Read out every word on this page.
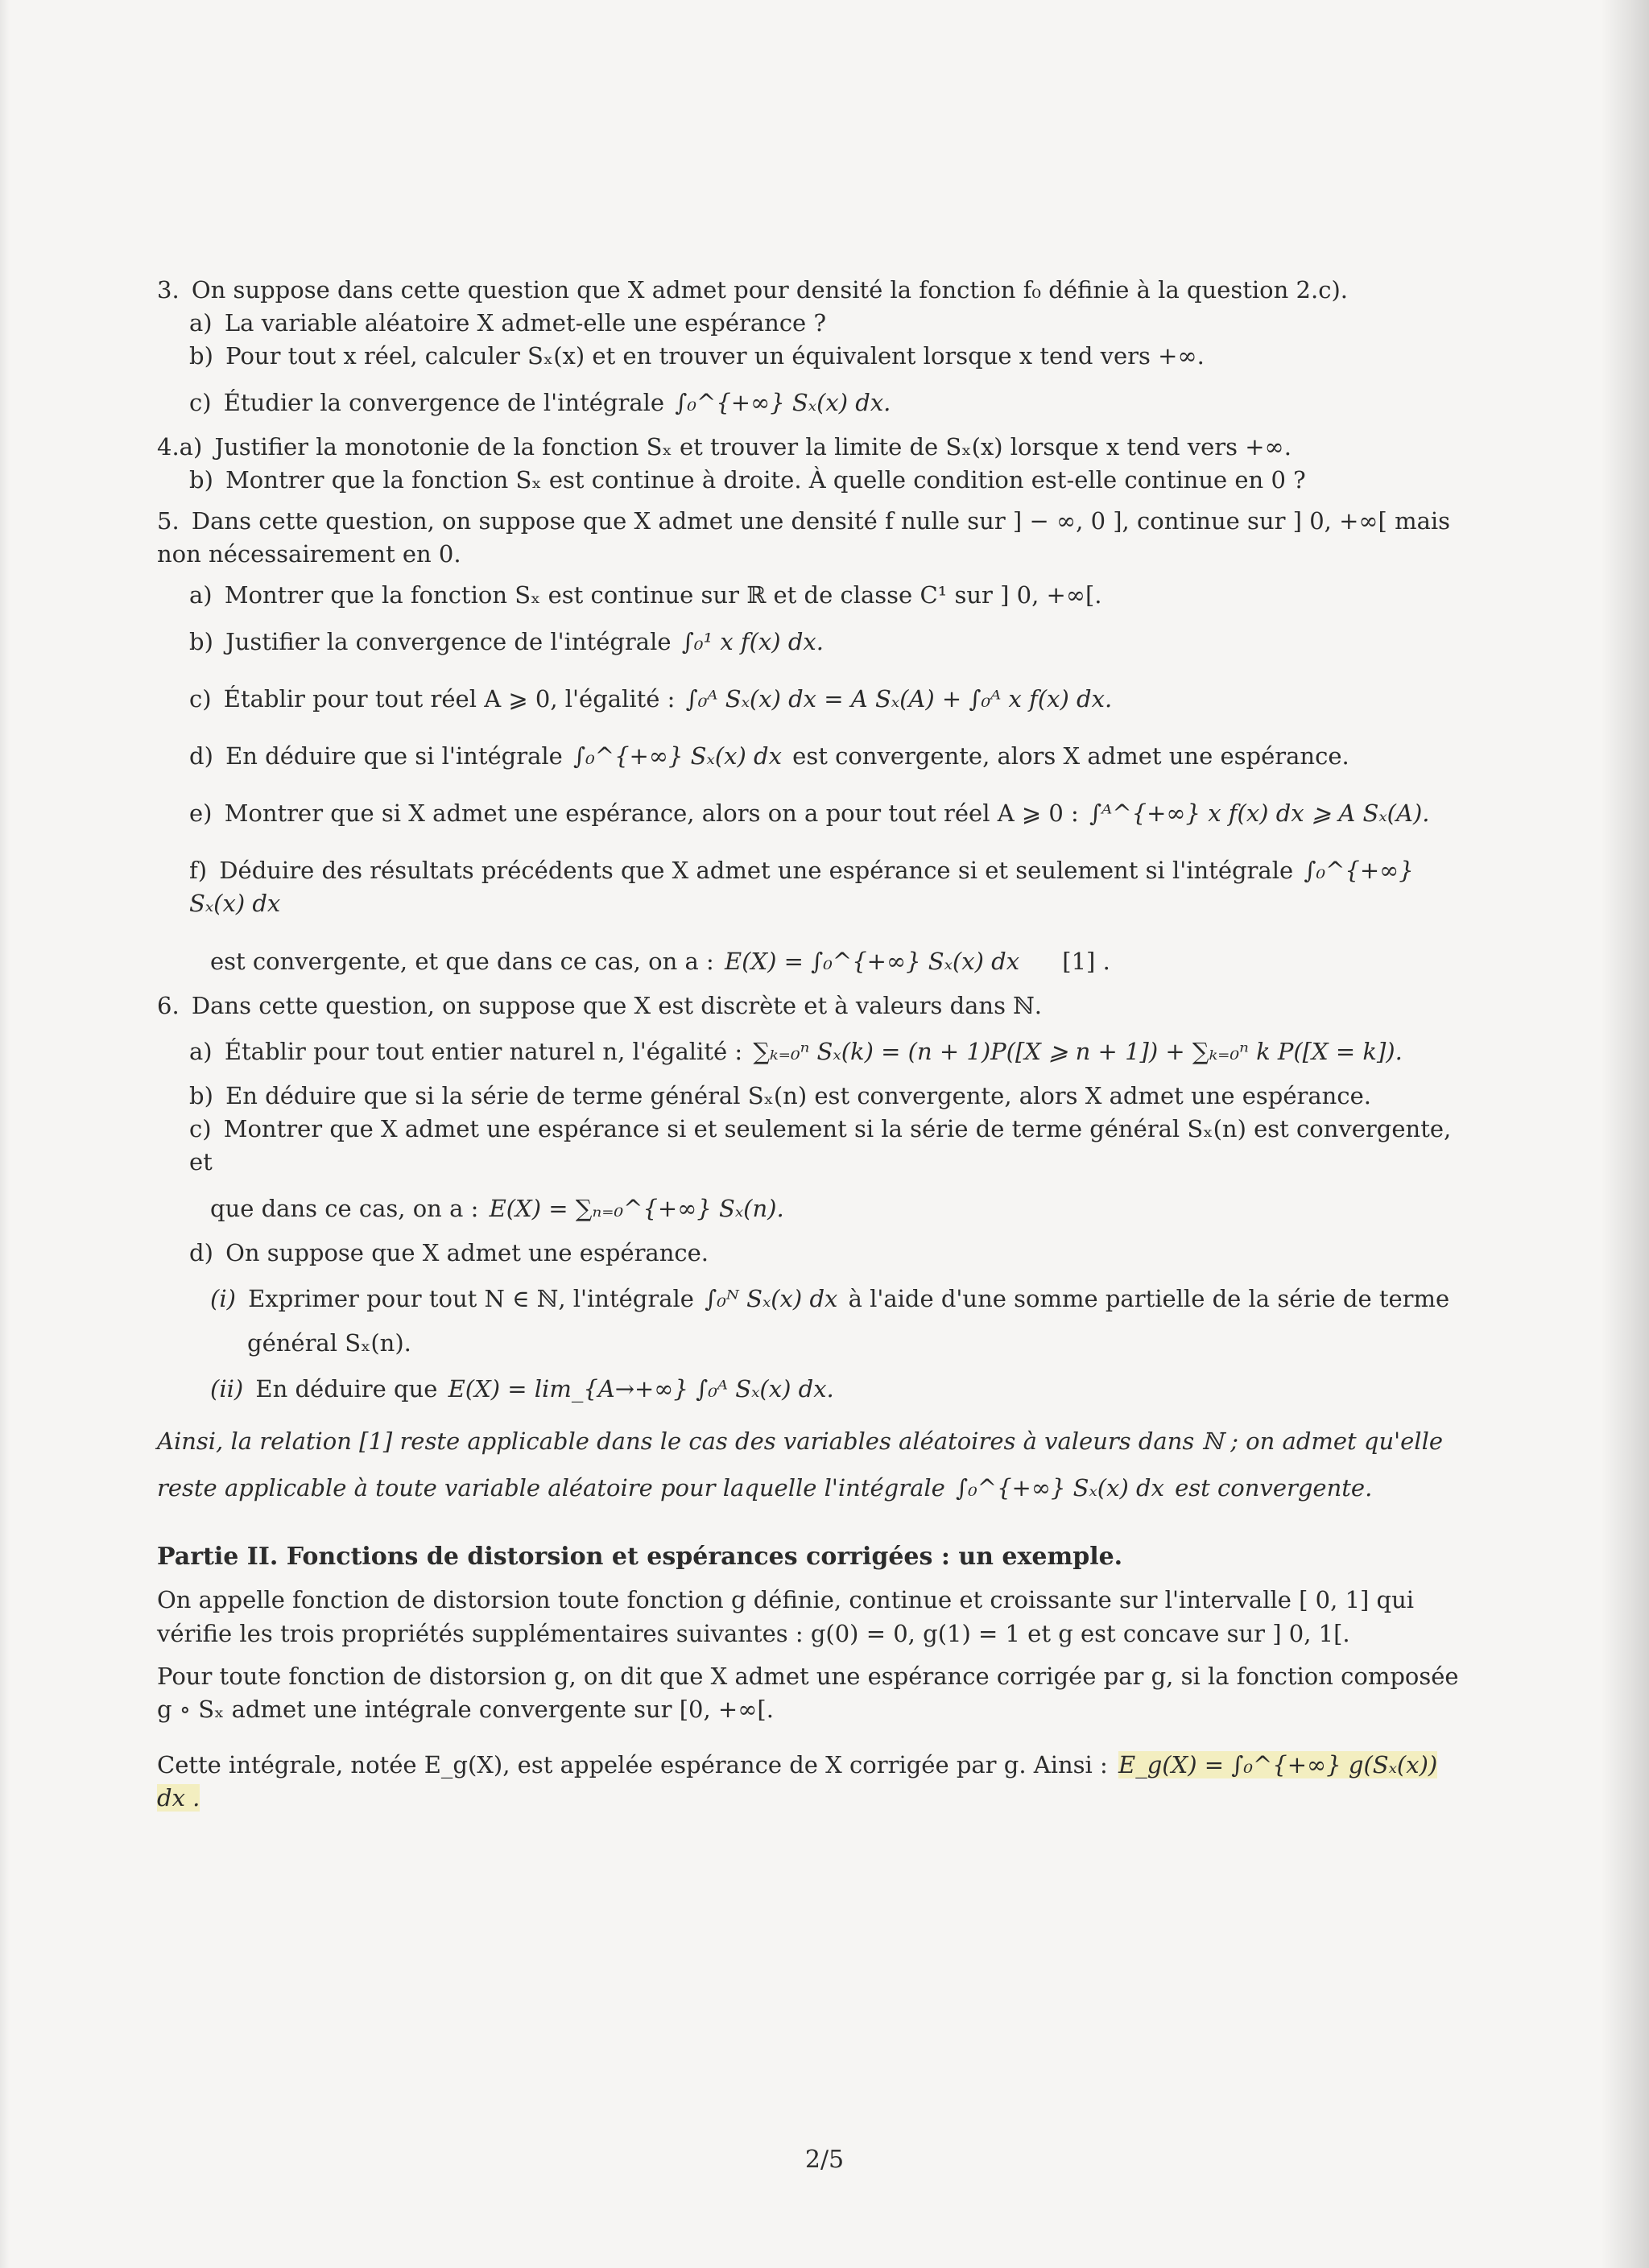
3. On suppose dans cette question que X admet pour densité la fonction f₀ définie à la question 2.c).

a) La variable aléatoire X admet-elle une espérance ?

b) Pour tout x réel, calculer Sₓ(x) et en trouver un équivalent lorsque x tend vers +∞.

c) Étudier la convergence de l'intégrale ∫₀^{+∞} Sₓ(x) dx.

4.a) Justifier la monotonie de la fonction Sₓ et trouver la limite de Sₓ(x) lorsque x tend vers +∞.

b) Montrer que la fonction Sₓ est continue à droite. À quelle condition est-elle continue en 0 ?

5. Dans cette question, on suppose que X admet une densité f nulle sur ] − ∞, 0 ], continue sur ] 0, +∞[ mais non nécessairement en 0.

a) Montrer que la fonction Sₓ est continue sur ℝ et de classe C¹ sur ] 0, +∞[.

b) Justifier la convergence de l'intégrale ∫₀¹ x f(x) dx.

c) Établir pour tout réel A ⩾ 0, l'égalité : ∫₀ᴬ Sₓ(x) dx = A Sₓ(A) + ∫₀ᴬ x f(x) dx.

d) En déduire que si l'intégrale ∫₀^{+∞} Sₓ(x) dx est convergente, alors X admet une espérance.

e) Montrer que si X admet une espérance, alors on a pour tout réel A ⩾ 0 : ∫ᴬ^{+∞} x f(x) dx ⩾ A Sₓ(A).

f) Déduire des résultats précédents que X admet une espérance si et seulement si l'intégrale ∫₀^{+∞} Sₓ(x) dx

est convergente, et que dans ce cas, on a : E(X) = ∫₀^{+∞} Sₓ(x) dx [1] .

6. Dans cette question, on suppose que X est discrète et à valeurs dans ℕ.

a) Établir pour tout entier naturel n, l'égalité : ∑ₖ₌₀ⁿ Sₓ(k) = (n + 1)P([X ⩾ n + 1]) + ∑ₖ₌₀ⁿ k P([X = k]).

b) En déduire que si la série de terme général Sₓ(n) est convergente, alors X admet une espérance.

c) Montrer que X admet une espérance si et seulement si la série de terme général Sₓ(n) est convergente, et

que dans ce cas, on a : E(X) = ∑ₙ₌₀^{+∞} Sₓ(n).

d) On suppose que X admet une espérance.

(i) Exprimer pour tout N ∈ ℕ, l'intégrale ∫₀ᴺ Sₓ(x) dx à l'aide d'une somme partielle de la série de terme

général Sₓ(n).

(ii) En déduire que E(X) = lim_{A→+∞} ∫₀ᴬ Sₓ(x) dx.

Ainsi, la relation [1] reste applicable dans le cas des variables aléatoires à valeurs dans ℕ ; on admet qu'elle

reste applicable à toute variable aléatoire pour laquelle l'intégrale ∫₀^{+∞} Sₓ(x) dx est convergente.

Partie II. Fonctions de distorsion et espérances corrigées : un exemple.

On appelle fonction de distorsion toute fonction g définie, continue et croissante sur l'intervalle [ 0, 1] qui vérifie les trois propriétés supplémentaires suivantes : g(0) = 0, g(1) = 1 et g est concave sur ] 0, 1[.

Pour toute fonction de distorsion g, on dit que X admet une espérance corrigée par g, si la fonction composée g ∘ Sₓ admet une intégrale convergente sur [0, +∞[.

Cette intégrale, notée E_g(X), est appelée espérance de X corrigée par g. Ainsi : E_g(X) = ∫₀^{+∞} g(Sₓ(x)) dx .

2/5
